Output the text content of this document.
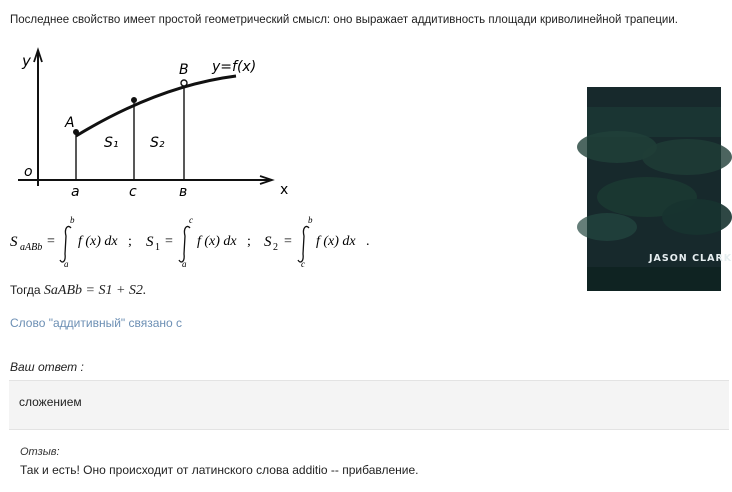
Последнее свойство имеет простой геометрический смысл: оно выражает аддитивность площади криволинейной трапеции.
y
x
o
A
B y=f(x)
S₁ S₂
a	c	в
S aABb =
b
a
f (x) dx ; S 1 =
c
a
f (x) dx ; S 2 =
b
c
f (x) dx .
Тогда SaABb = S1 + S2.
Слово "аддитивный" связано с
Ваш ответ :
сложением
Отзыв:
Так и есть! Оно происходит от латинского слова additio -- прибавление.
JASON CLARK
